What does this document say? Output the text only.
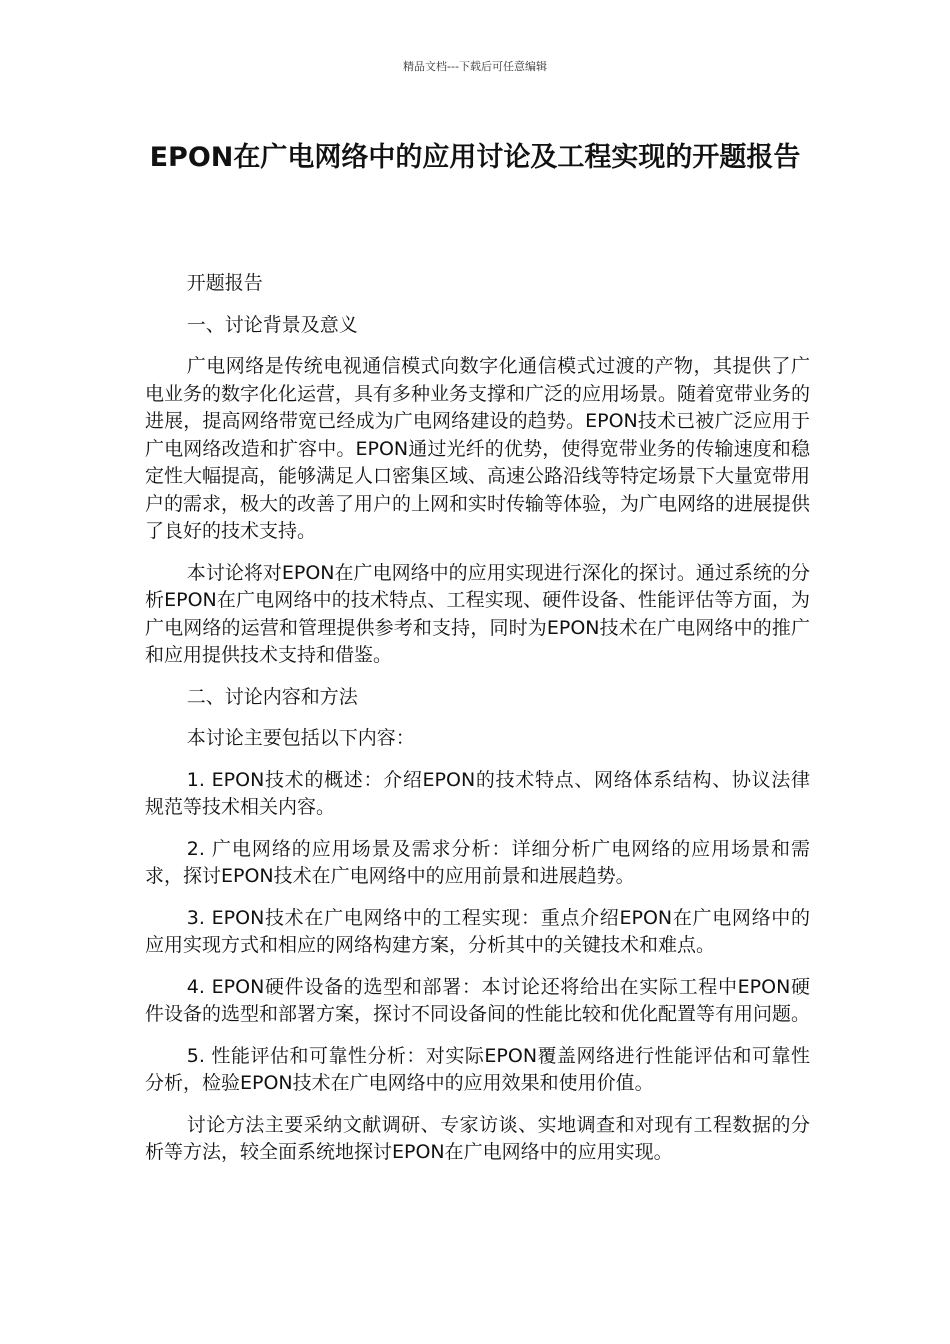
精品文档---下载后可任意编辑
EPON在广电网络中的应用讨论及工程实现的开题报告

开题报告

一、讨论背景及意义

广电网络是传统电视通信模式向数字化通信模式过渡的产物，其提供了广电业务的数字化化运营，具有多种业务支撑和广泛的应用场景。随着宽带业务的进展，提高网络带宽已经成为广电网络建设的趋势。EPON技术已被广泛应用于广电网络改造和扩容中。EPON通过光纤的优势，使得宽带业务的传输速度和稳定性大幅提高，能够满足人口密集区域、高速公路沿线等特定场景下大量宽带用户的需求，极大的改善了用户的上网和实时传输等体验，为广电网络的进展提供了良好的技术支持。

本讨论将对EPON在广电网络中的应用实现进行深化的探讨。通过系统的分析EPON在广电网络中的技术特点、工程实现、硬件设备、性能评估等方面，为广电网络的运营和管理提供参考和支持，同时为EPON技术在广电网络中的推广和应用提供技术支持和借鉴。

二、讨论内容和方法

本讨论主要包括以下内容：

1. EPON技术的概述：介绍EPON的技术特点、网络体系结构、协议法律规范等技术相关内容。

2. 广电网络的应用场景及需求分析：详细分析广电网络的应用场景和需求，探讨EPON技术在广电网络中的应用前景和进展趋势。

3. EPON技术在广电网络中的工程实现：重点介绍EPON在广电网络中的应用实现方式和相应的网络构建方案，分析其中的关键技术和难点。

4. EPON硬件设备的选型和部署：本讨论还将给出在实际工程中EPON硬件设备的选型和部署方案，探讨不同设备间的性能比较和优化配置等有用问题。

5. 性能评估和可靠性分析：对实际EPON覆盖网络进行性能评估和可靠性分析，检验EPON技术在广电网络中的应用效果和使用价值。

讨论方法主要采纳文献调研、专家访谈、实地调查和对现有工程数据的分析等方法，较全面系统地探讨EPON在广电网络中的应用实现。
